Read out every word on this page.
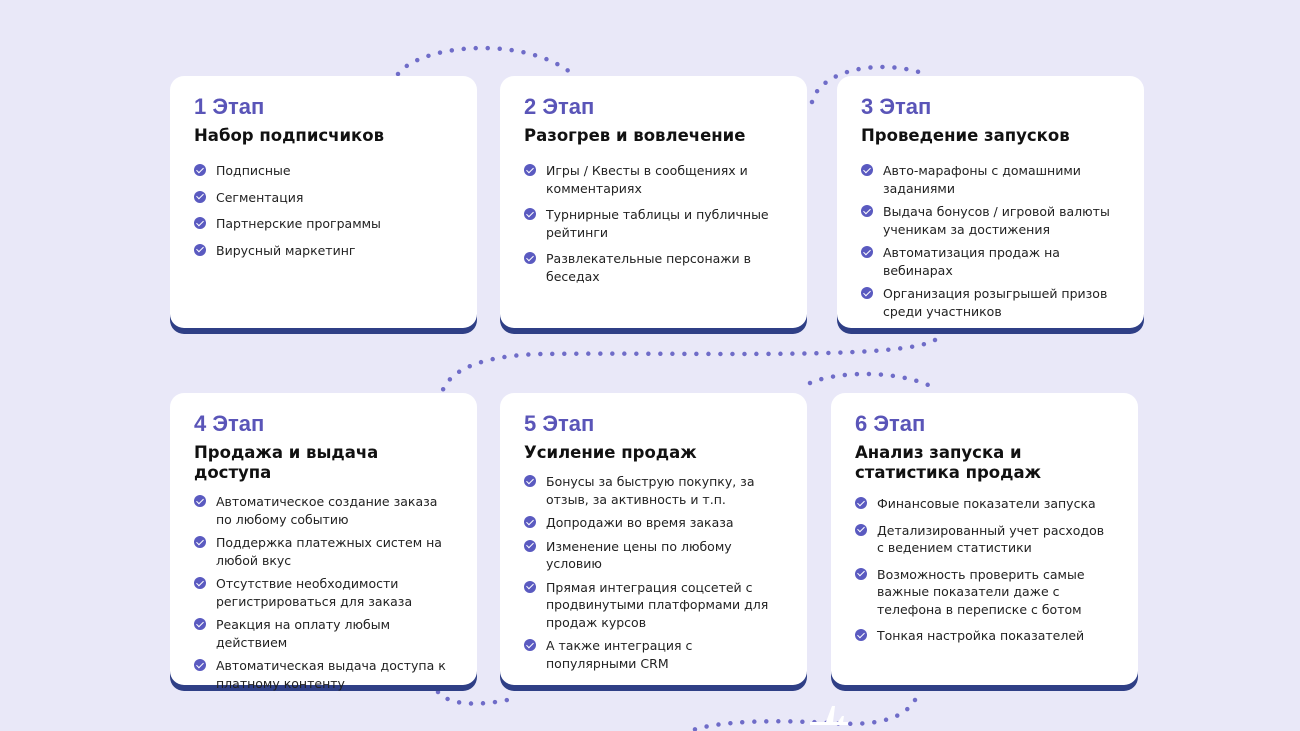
1 Этап
Набор подписчиков
Подписные
Сегментация
Партнерские программы
Вирусный маркетинг
2 Этап
Разогрев и вовлечение
Игры / Квесты в сообщениях и комментариях
Турнирные таблицы и публичные рейтинги
Развлекательные персонажи в беседах
3 Этап
Проведение запусков
Авто-марафоны с домашними заданиями
Выдача бонусов / игровой валюты ученикам за достижения
Автоматизация продаж на вебинарах
Организация розыгрышей призов среди участников
4 Этап
Продажа и выдача доступа
Автоматическое создание заказа по любому событию
Поддержка платежных систем на любой вкус
Отсутствие необходимости регистрироваться для заказа
Реакция на оплату любым действием
Автоматическая выдача доступа к платному контенту
5 Этап
Усиление продаж
Бонусы за быструю покупку, за отзыв, за активность и т.п.
Допродажи во время заказа
Изменение цены по любому условию
Прямая интеграция соцсетей с продвинутыми платформами для продаж курсов
А также интеграция с популярными CRM
6 Этап
Анализ запуска и статистика продаж
Финансовые показатели запуска
Детализированный учет расходов с ведением статистики
Возможность проверить самые важные показатели даже с телефона в переписке с ботом
Тонкая настройка показателей
